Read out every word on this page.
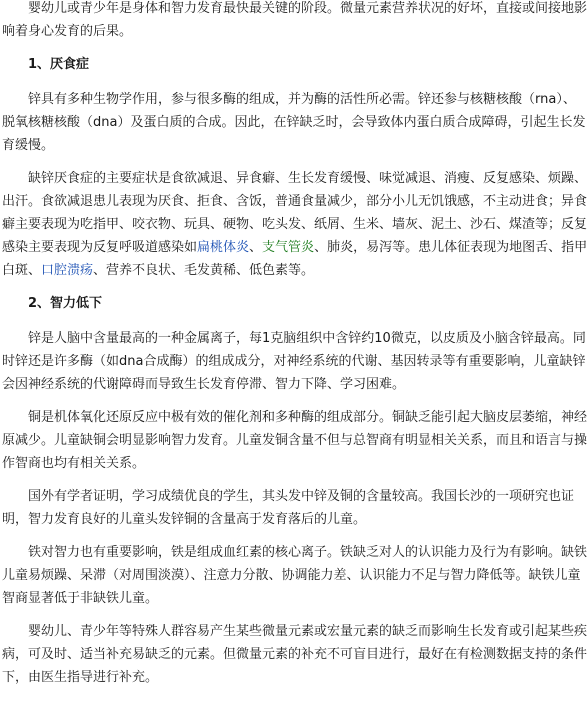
婴幼儿或青少年是身体和智力发育最快最关键的阶段。微量元素营养状况的好坏，直接或间接地影响着身心发育的后果。

1、厌食症

锌具有多种生物学作用，参与很多酶的组成，并为酶的活性所必需。锌还参与核糖核酸（rna）、脱氧核糖核酸（dna）及蛋白质的合成。因此，在锌缺乏时，会导致体内蛋白质合成障碍，引起生长发育缓慢。

缺锌厌食症的主要症状是食欲减退、异食癖、生长发育缓慢、味觉减退、消瘦、反复感染、烦躁、出汗。食欲减退患儿表现为厌食、拒食、含饭，普通食量减少，部分小儿无饥饿感，不主动进食；异食癖主要表现为吃指甲、咬衣物、玩具、硬物、吃头发、纸屑、生米、墙灰、泥土、沙石、煤渣等；反复感染主要表现为反复呼吸道感染如扁桃体炎、支气管炎、肺炎，易泻等。患儿体征表现为地图舌、指甲白斑、口腔溃疡、营养不良状、毛发黄稀、低色素等。

2、智力低下

锌是人脑中含量最高的一种金属离子，每1克脑组织中含锌约10微克，以皮质及小脑含锌最高。同时锌还是许多酶（如dna合成酶）的组成成分，对神经系统的代谢、基因转录等有重要影响，儿童缺锌会因神经系统的代谢障碍而导致生长发育停滞、智力下降、学习困难。

铜是机体氧化还原反应中极有效的催化剂和多种酶的组成部分。铜缺乏能引起大脑皮层萎缩，神经原减少。儿童缺铜会明显影响智力发育。儿童发铜含量不但与总智商有明显相关关系，而且和语言与操作智商也均有相关关系。

国外有学者证明，学习成绩优良的学生，其头发中锌及铜的含量较高。我国长沙的一项研究也证明，智力发育良好的儿童头发锌铜的含量高于发育落后的儿童。

铁对智力也有重要影响，铁是组成血红素的核心离子。铁缺乏对人的认识能力及行为有影响。缺铁儿童易烦躁、呆滞（对周围淡漠）、注意力分散、协调能力差、认识能力不足与智力降低等。缺铁儿童智商显著低于非缺铁儿童。

婴幼儿、青少年等特殊人群容易产生某些微量元素或宏量元素的缺乏而影响生长发育或引起某些疾病，可及时、适当补充易缺乏的元素。但微量元素的补充不可盲目进行，最好在有检测数据支持的条件下，由医生指导进行补充。
